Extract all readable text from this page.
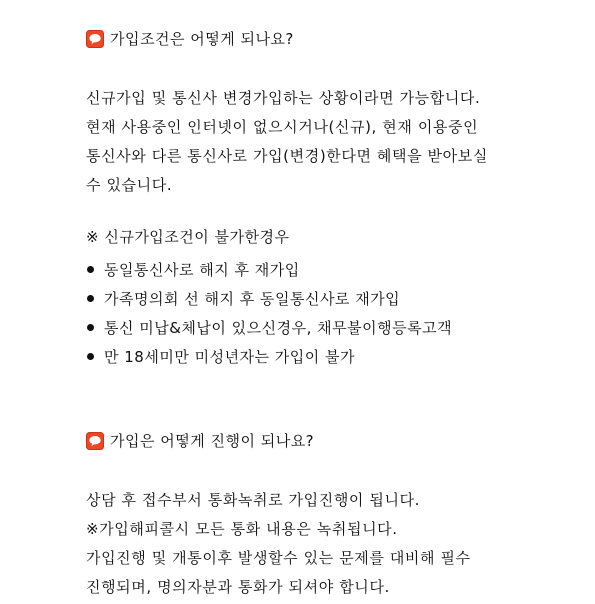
가입조건은 어떻게 되나요?
신규가입 및 통신사 변경가입하는 상황이라면 가능합니다.
현재 사용중인 인터넷이 없으시거나(신규), 현재 이용중인
통신사와 다른 통신사로 가입(변경)한다면 혜택을 받아보실
수 있습니다.
※ 신규가입조건이 불가한경우
동일통신사로 해지 후 재가입
가족명의회 선 해지 후 동일통신사로 재가입
통신 미납&체납이 있으신경우, 채무불이행등록고객
만 18세미만 미성년자는 가입이 불가
가입은 어떻게 진행이 되나요?
상담 후 접수부서 통화녹취로 가입진행이 됩니다.
※가입해피콜시 모든 통화 내용은 녹취됩니다.
가입진행 및 개통이후 발생할수 있는 문제를 대비해 필수
진행되며, 명의자분과 통화가 되셔야 합니다.
